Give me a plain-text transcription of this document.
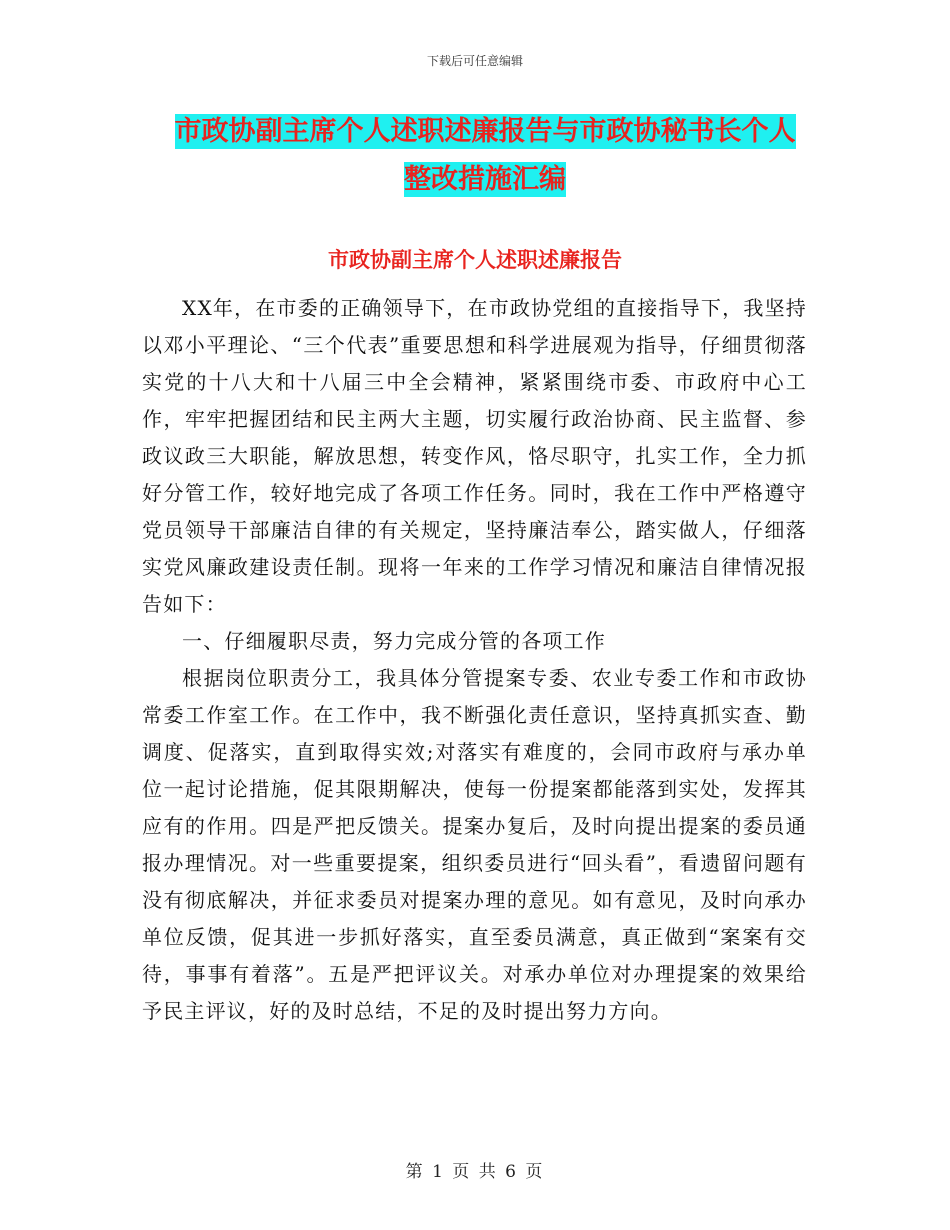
下载后可任意编辑
市政协副主席个人述职述廉报告与市政协秘书长个人
整改措施汇编
市政协副主席个人述职述廉报告

XX年，在市委的正确领导下，在市政协党组的直接指导下，我坚持以邓小平理论、“三个代表”重要思想和科学进展观为指导，仔细贯彻落实党的十八大和十八届三中全会精神，紧紧围绕市委、市政府中心工作，牢牢把握团结和民主两大主题，切实履行政治协商、民主监督、参政议政三大职能，解放思想，转变作风，恪尽职守，扎实工作，全力抓好分管工作，较好地完成了各项工作任务。同时，我在工作中严格遵守党员领导干部廉洁自律的有关规定，坚持廉洁奉公，踏实做人，仔细落实党风廉政建设责任制。现将一年来的工作学习情况和廉洁自律情况报告如下：

一、仔细履职尽责，努力完成分管的各项工作

根据岗位职责分工，我具体分管提案专委、农业专委工作和市政协常委工作室工作。在工作中，我不断强化责任意识，坚持真抓实查、勤调度、促落实，直到取得实效;对落实有难度的，会同市政府与承办单位一起讨论措施，促其限期解决，使每一份提案都能落到实处，发挥其应有的作用。四是严把反馈关。提案办复后，及时向提出提案的委员通报办理情况。对一些重要提案，组织委员进行“回头看”，看遗留问题有没有彻底解决，并征求委员对提案办理的意见。如有意见，及时向承办单位反馈，促其进一步抓好落实，直至委员满意，真正做到“案案有交待，事事有着落”。五是严把评议关。对承办单位对办理提案的效果给予民主评议，好的及时总结，不足的及时提出努力方向。

第 1 页 共 6 页
